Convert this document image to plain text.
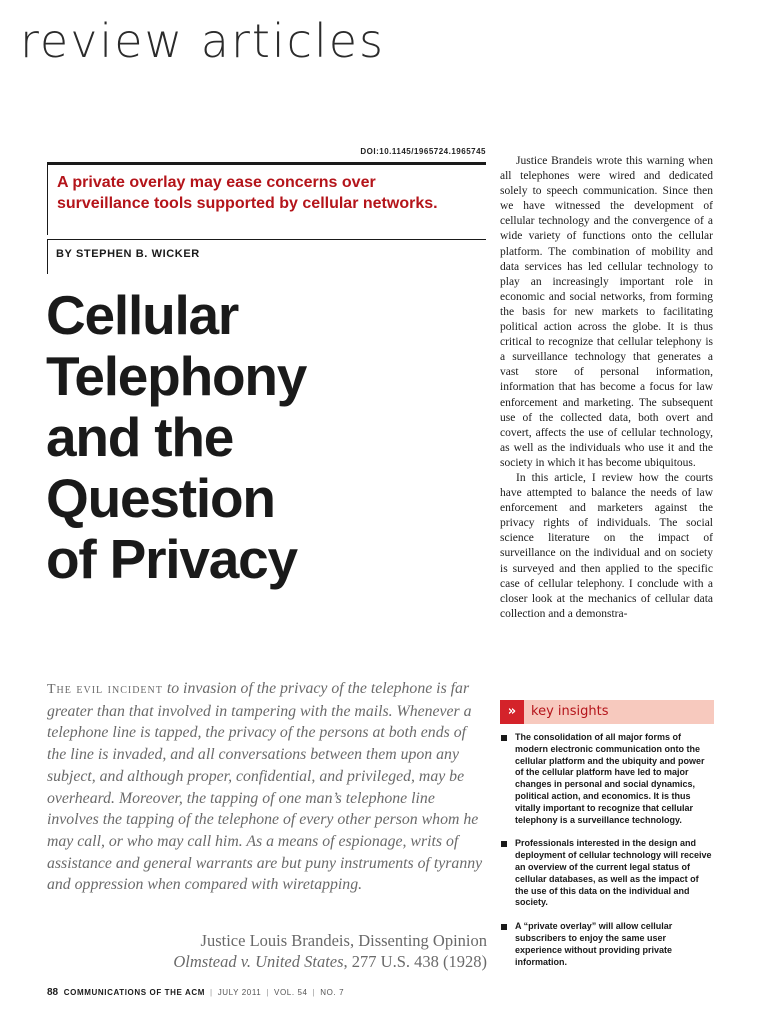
review articles
DOI:10.1145/1965724.1965745

A private overlay may ease concerns over surveillance tools supported by cellular networks.

BY STEPHEN B. WICKER

Cellular
Telephony
and the
Question
of Privacy

The evil incident to invasion of the privacy of the telephone is far greater than that involved in tampering with the mails. Whenever a telephone line is tapped, the privacy of the persons at both ends of the line is invaded, and all conversations between them upon any subject, and although proper, confidential, and privileged, may be overheard. Moreover, the tapping of one man’s telephone line involves the tapping of the telephone of every other person whom he may call, or who may call him. As a means of espionage, writs of assistance and general warrants are but puny instruments of tyranny and oppression when compared with wiretapping.

Justice Louis Brandeis, Dissenting Opinion
Olmstead v. United States, 277 U.S. 438 (1928)

Justice Brandeis wrote this warning when all telephones were wired and dedicated solely to speech communication. Since then we have witnessed the development of cellular technology and the convergence of a wide variety of functions onto the cellular platform. The combination of mobility and data services has led cellular technology to play an increasingly important role in economic and social networks, from forming the basis for new markets to facilitating political action across the globe. It is thus critical to recognize that cellular telephony is a surveillance technology that generates a vast store of personal information, information that has become a focus for law enforcement and marketing. The subsequent use of the collected data, both overt and covert, affects the use of cellular technology, as well as the individuals who use it and the society in which it has become ubiquitous.

In this article, I review how the courts have attempted to balance the needs of law enforcement and marketers against the privacy rights of individuals. The social science literature on the impact of surveillance on the individual and on society is surveyed and then applied to the specific case of cellular telephony. I conclude with a closer look at the mechanics of cellular data collection and a demonstra-

»	key insights
The consolidation of all major forms of modern electronic communication onto the cellular platform and the ubiquity and power of the cellular platform have led to major changes in personal and social dynamics, political action, and economics. It is thus vitally important to recognize that cellular telephony is a surveillance technology.
Professionals interested in the design and deployment of cellular technology will receive an overview of the current legal status of cellular databases, as well as the impact of the use of this data on the individual and society.
A “private overlay” will allow cellular subscribers to enjoy the same user experience without providing private information.

88 COMMUNICATIONS OF THE ACM | JULY 2011 | VOL. 54 | NO. 7
